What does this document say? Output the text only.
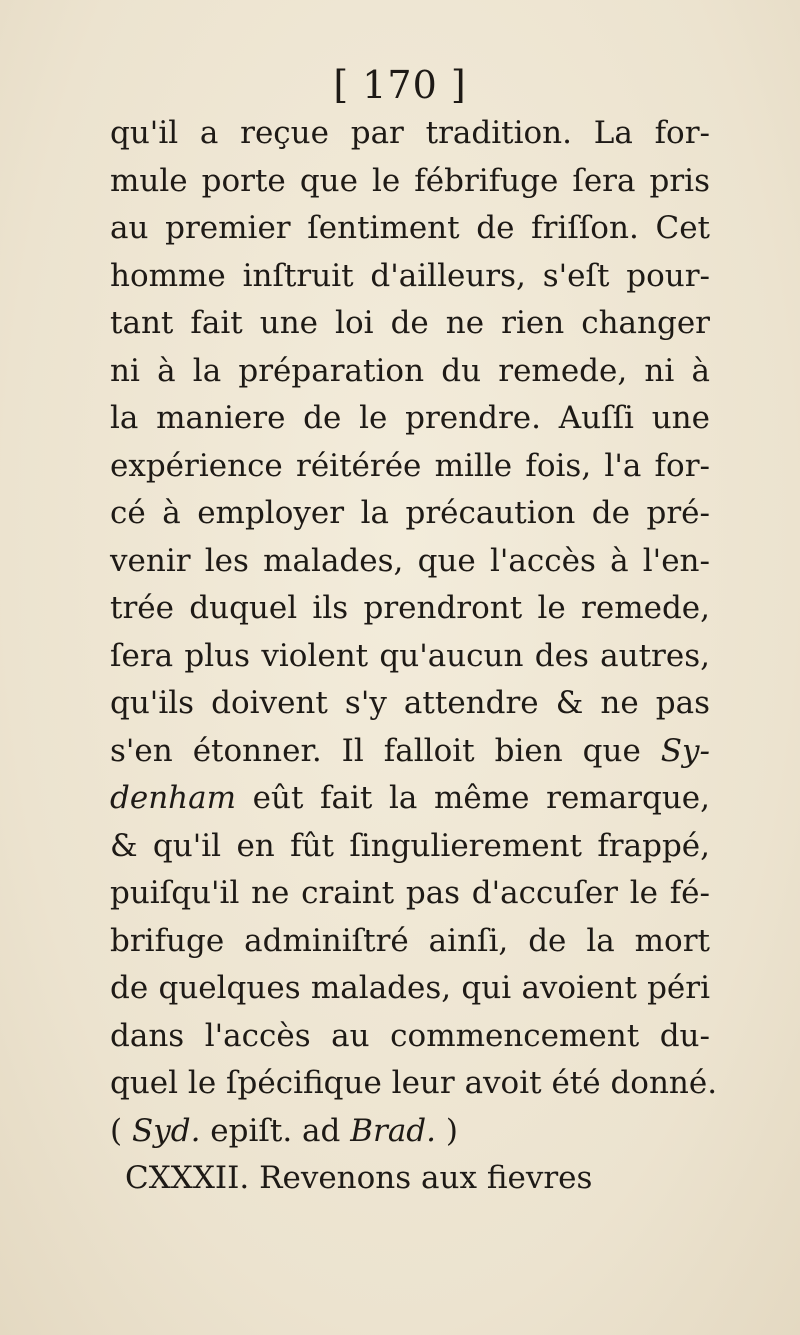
[ 170 ]
qu'il a reçue par tradition. La for-
mule porte que le fébrifuge ſera pris
au premier ſentiment de friſſon. Cet
homme inſtruit d'ailleurs, s'eſt pour-
tant fait une loi de ne rien changer
ni à la préparation du remede, ni à
la maniere de le prendre. Auſſi une
expérience réitérée mille fois, l'a for-
cé à employer la précaution de pré-
venir les malades, que l'accès à l'en-
trée duquel ils prendront le remede,
ſera plus violent qu'aucun des autres,
qu'ils doivent s'y attendre & ne pas
s'en étonner. Il falloit bien que Sy-
denham eût fait la même remarque,
& qu'il en fût ſingulierement frappé,
puiſqu'il ne craint pas d'accuſer le fé-
brifuge adminiſtré ainſi, de la mort
de quelques malades, qui avoient péri
dans l'accès au commencement du-
quel le ſpécifique leur avoit été donné.
( Syd. epiſt. ad Brad. )
CXXXII. Revenons aux fievres
